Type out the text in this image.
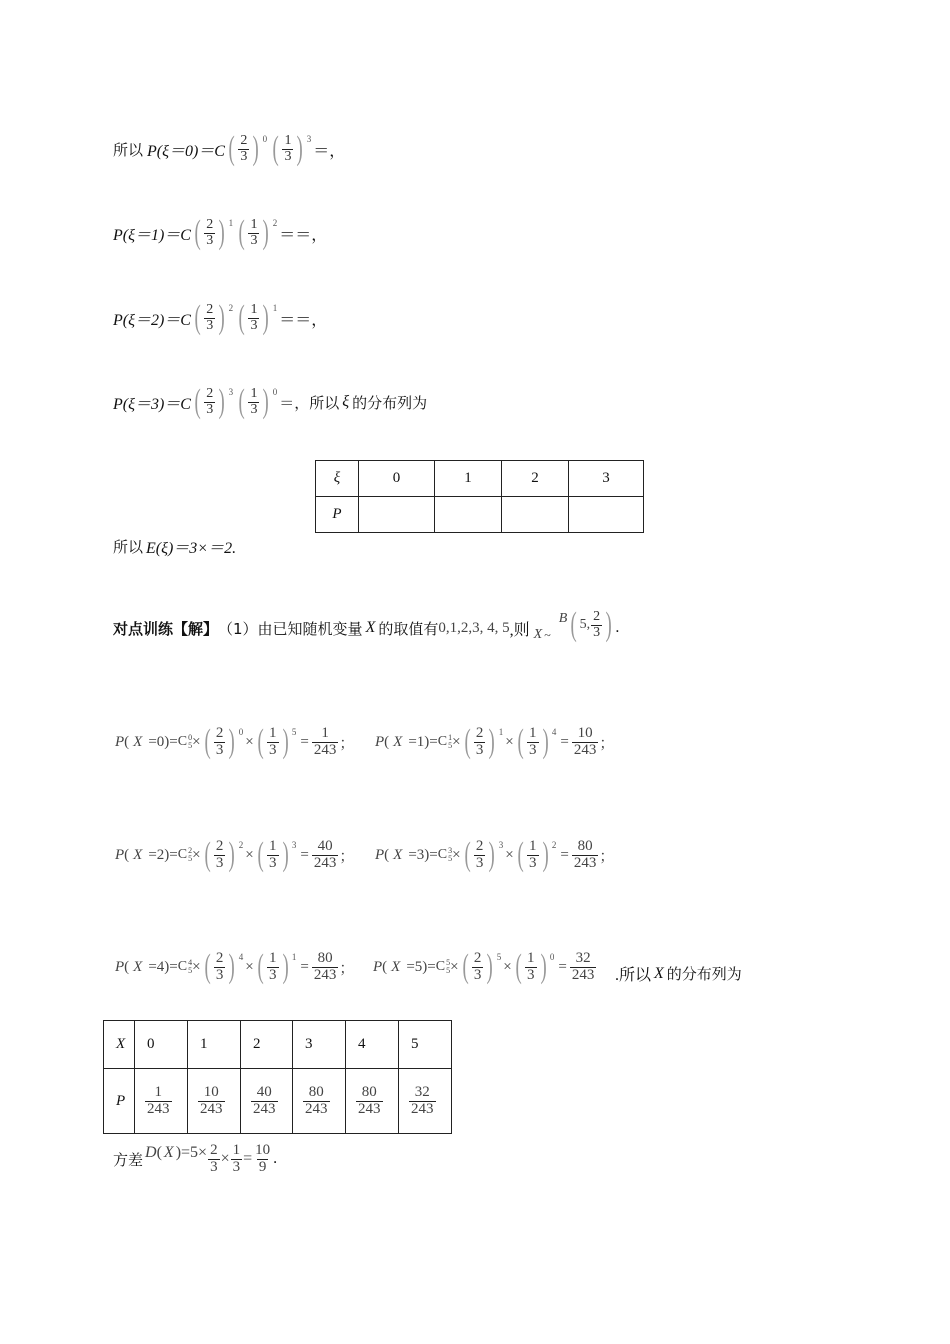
所以 P(ξ＝0)＝C ( $\frac{2}{3}$ ) 0 ( $\frac{1}{3}$ ) 3
＝，
P(ξ＝1)＝C ( $\frac{2}{3}$ ) 1 ( $\frac{1}{3}$ ) 2
＝＝，
P(ξ＝2)＝C ( $\frac{2}{3}$ ) 2 ( $\frac{1}{3}$ ) 1
＝＝，
P(ξ＝3)＝C ( $\frac{2}{3}$ ) 3 ( $\frac{1}{3}$ ) 0
＝，所以 ξ 的分布列为
ξ	0	1	2	3
P				
所以 E(ξ)＝3×＝2.
对点训练【解】 （1）由已知随机变量 X 的取值有 0,1,2,3, 4, 5 ,则 X ~
B ( 5, $\frac{2}{3}$ ) .
P ( X =0)= C 0
5 × ( $\frac{2}{3}$ ) 0
× ( $\frac{1}{3}$ ) 5
= $\frac{1}{243}$ ； P ( X =1)= C 1
5 × ( $\frac{2}{3}$ ) 1
× ( $\frac{1}{3}$ ) 4
= $\frac{10}{243}$ ；
P ( X =2)= C 2
5 × ( $\frac{2}{3}$ ) 2
× ( $\frac{1}{3}$ ) 3
= $\frac{40}{243}$ ； P ( X =3)= C 3
5 × ( $\frac{2}{3}$ ) 3
× ( $\frac{1}{3}$ ) 2
= $\frac{80}{243}$ ；
P ( X =4)= C 4
5 × ( $\frac{2}{3}$ ) 4
× ( $\frac{1}{3}$ ) 1
= $\frac{80}{243}$ ； P ( X =5)= C 5
5 × ( $\frac{2}{3}$ ) 5
× ( $\frac{1}{3}$ ) 0
= $\frac{32}{243}$ .所以 X 的分布列为
X	0	1	2	3	4	5
P	$\frac{1}{243}$	$\frac{10}{243}$	$\frac{40}{243}$	$\frac{80}{243}$	$\frac{80}{243}$	$\frac{32}{243}$
方差 D ( X )$=5\times \frac{2}{3} \times \frac{1}{3} = \frac{10}{9}$ .
